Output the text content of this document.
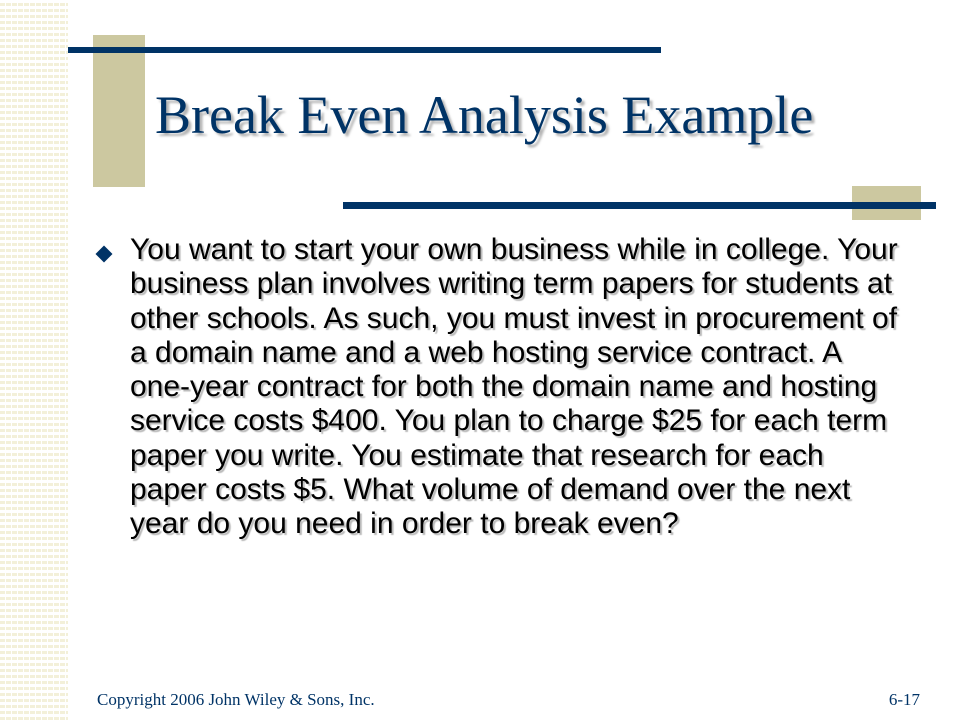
Break Even Analysis Example

You want to start your own business while in college. Your business plan involves writing term papers for students at other schools. As such, you must invest in procurement of a domain name and a web hosting service contract. A one-year contract for both the domain name and hosting service costs $400. You plan to charge $25 for each term paper you write. You estimate that research for each paper costs $5. What volume of demand over the next year do you need in order to break even?

Copyright 2006 John Wiley & Sons, Inc.	6-17
